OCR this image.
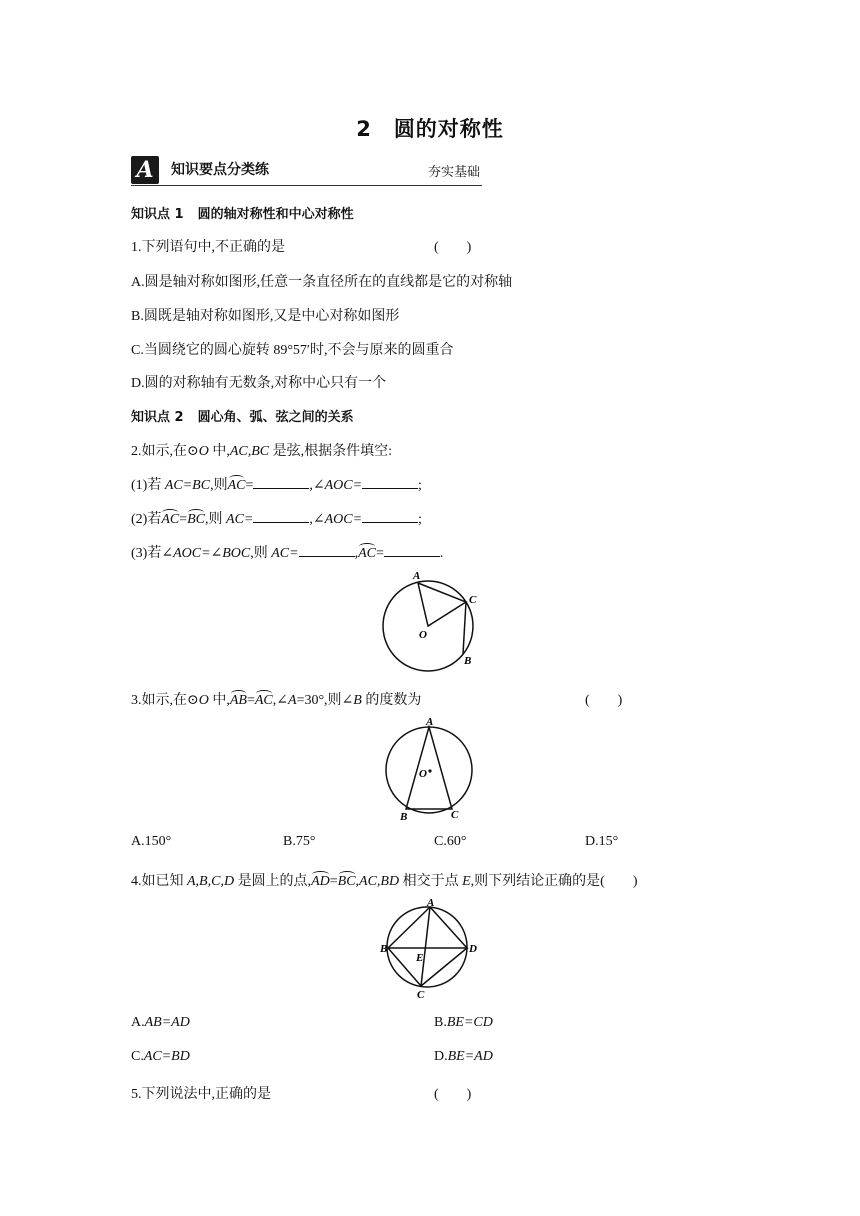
2 圆的对称性
A	知识要点分类练	夯实基础
知识点 1 圆的轴对称性和中心对称性
1.下列语句中,不正确的是	(　　)
A.圆是轴对称如图形,任意一条直径所在的直线都是它的对称轴
B.圆既是轴对称如图形,又是中心对称如图形
C.当圆绕它的圆心旋转 89°57′时,不会与原来的圆重合
D.圆的对称轴有无数条,对称中心只有一个
知识点 2 圆心角、弧、弦之间的关系
2.如示,在⊙O 中,AC,BC 是弦,根据条件填空:
(1)若 AC=BC,则AC=	,∠AOC=	;
(2)若AC=BC,则 AC=	,∠AOC=	;
(3)若∠AOC=∠BOC,则 AC=	,AC=	.
A
C
O
B
3.如示,在⊙O 中,AB=AC,∠A=30°,则∠B 的度数为	(　　)
A
O
B	C
A.150°	B.75°	C.60°	D.15°
4.如已知 A,B,C,D 是圆上的点,AD=BC,AC,BD 相交于点 E,则下列结论正确的是(　　)
A
B	D
E
C
A.AB=AD	B.BE=CD
C.AC=BD	D.BE=AD
5.下列说法中,正确的是	(　　)
